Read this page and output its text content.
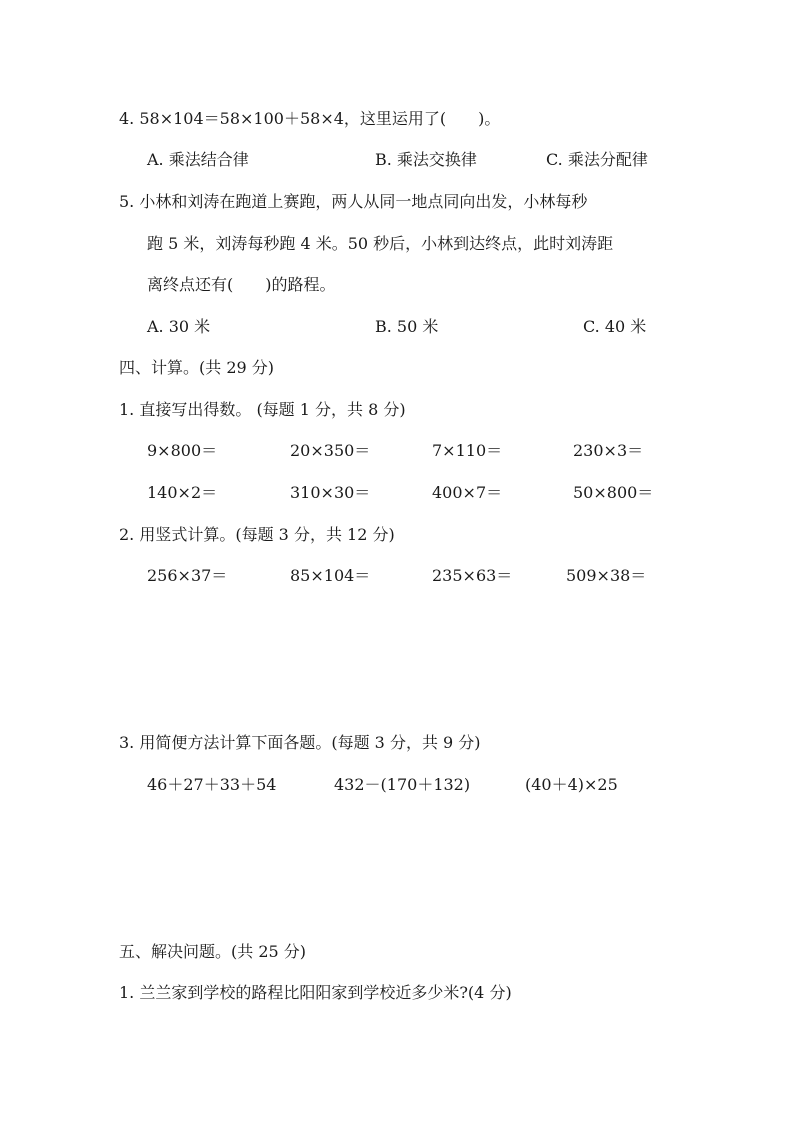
4. 58×104＝58×100＋58×4，这里运用了(　　)。
A. 乘法结合律	B. 乘法交换律	C. 乘法分配律
5. 小林和刘涛在跑道上赛跑，两人从同一地点同向出发，小林每秒
跑 5 米，刘涛每秒跑 4 米。50 秒后，小林到达终点，此时刘涛距
离终点还有(　　)的路程。
A. 30 米	B. 50 米	C. 40 米
四、计算。(共 29 分)
1. 直接写出得数。 (每题 1 分，共 8 分)
9×800＝	20×350＝	7×110＝	230×3＝
140×2＝	310×30＝	400×7＝	50×800＝
2. 用竖式计算。(每题 3 分，共 12 分)
256×37＝	85×104＝	235×63＝	509×38＝
3. 用简便方法计算下面各题。(每题 3 分，共 9 分)
46＋27＋33＋54	432－(170＋132)	(40＋4)×25
五、解决问题。(共 25 分)
1. 兰兰家到学校的路程比阳阳家到学校近多少米?(4 分)
